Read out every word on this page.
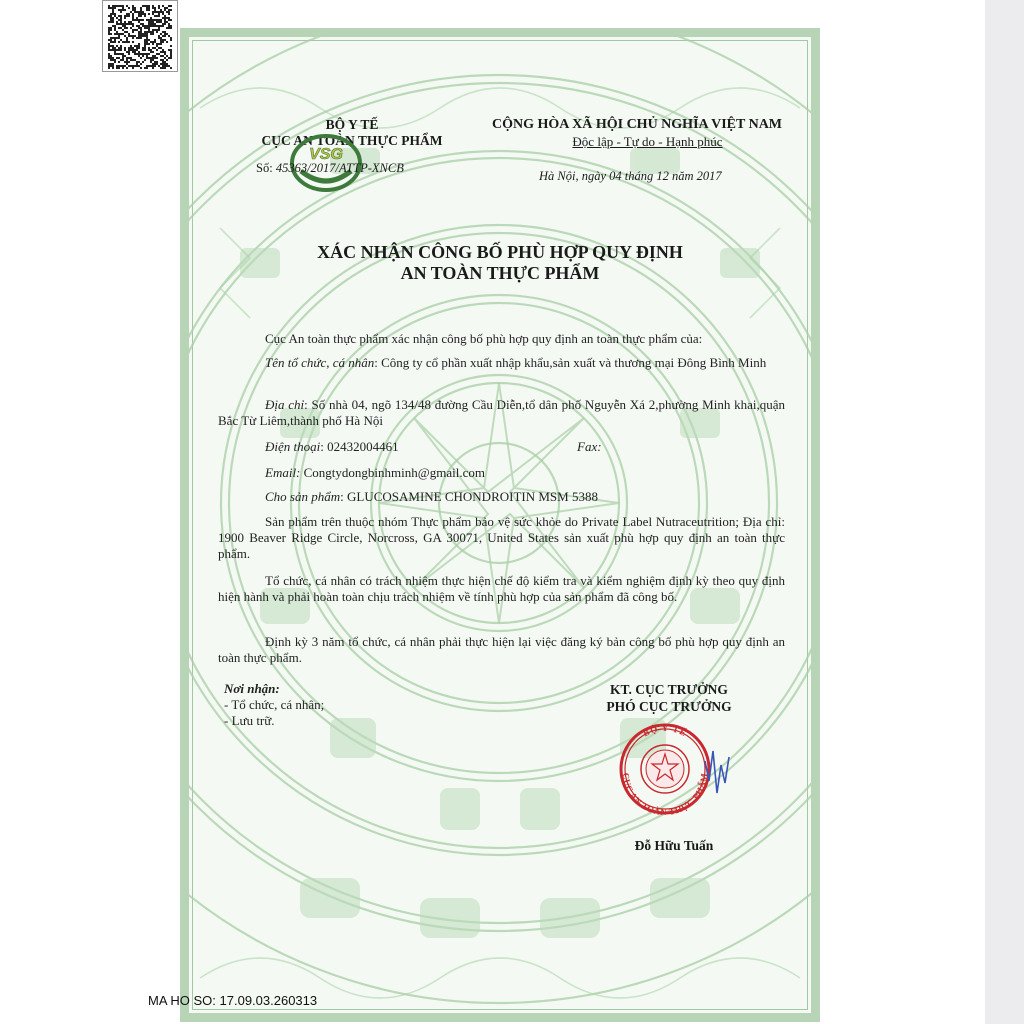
BỘ Y TẾ
CỤC AN TOÀN THỰC PHẨM
VSG
Số: 45363/2017/ATTP-XNCB
CỘNG HÒA XÃ HỘI CHỦ NGHĨA VIỆT NAM
Độc lập - Tự do - Hạnh phúc
Hà Nội, ngày 04 tháng 12 năm 2017
XÁC NHẬN CÔNG BỐ PHÙ HỢP QUY ĐỊNH
AN TOÀN THỰC PHẨM
Cục An toàn thực phẩm xác nhận công bố phù hợp quy định an toàn thực phẩm của:
Tên tổ chức, cá nhân: Công ty cổ phần xuất nhập khẩu,sản xuất và thương mại Đông Bình Minh
Địa chỉ: Số nhà 04, ngõ 134/48 đường Cầu Diễn,tổ dân phố Nguyễn Xá 2,phường Minh khai,quận Bắc Từ Liêm,thành phố Hà Nội
Điện thoại: 02432004461	Fax:
Email: Congtydongbinhminh@gmail.com
Cho sản phẩm: GLUCOSAMINE CHONDROITIN MSM 5388
Sản phẩm trên thuộc nhóm Thực phẩm bảo vệ sức khỏe do Private Label Nutraceutrition; Địa chỉ: 1900 Beaver Ridge Circle, Norcross, GA 30071, United States sản xuất phù hợp quy định an toàn thực phẩm.
Tổ chức, cá nhân có trách nhiệm thực hiện chế độ kiểm tra và kiểm nghiệm định kỳ theo quy định hiện hành và phải hoàn toàn chịu trách nhiệm về tính phù hợp của sản phẩm đã công bố.
Định kỳ 3 năm tổ chức, cá nhân phải thực hiện lại việc đăng ký bản công bố phù hợp quy định an toàn thực phẩm.
Nơi nhận:
- Tổ chức, cá nhân;
- Lưu trữ.
KT. CỤC TRƯỞNG
PHÓ CỤC TRƯỞNG
BỘ Y TẾ
CỤC AN TOÀN THỰC PHẨM
Đỗ Hữu Tuấn
MA HO SO: 17.09.03.260313
